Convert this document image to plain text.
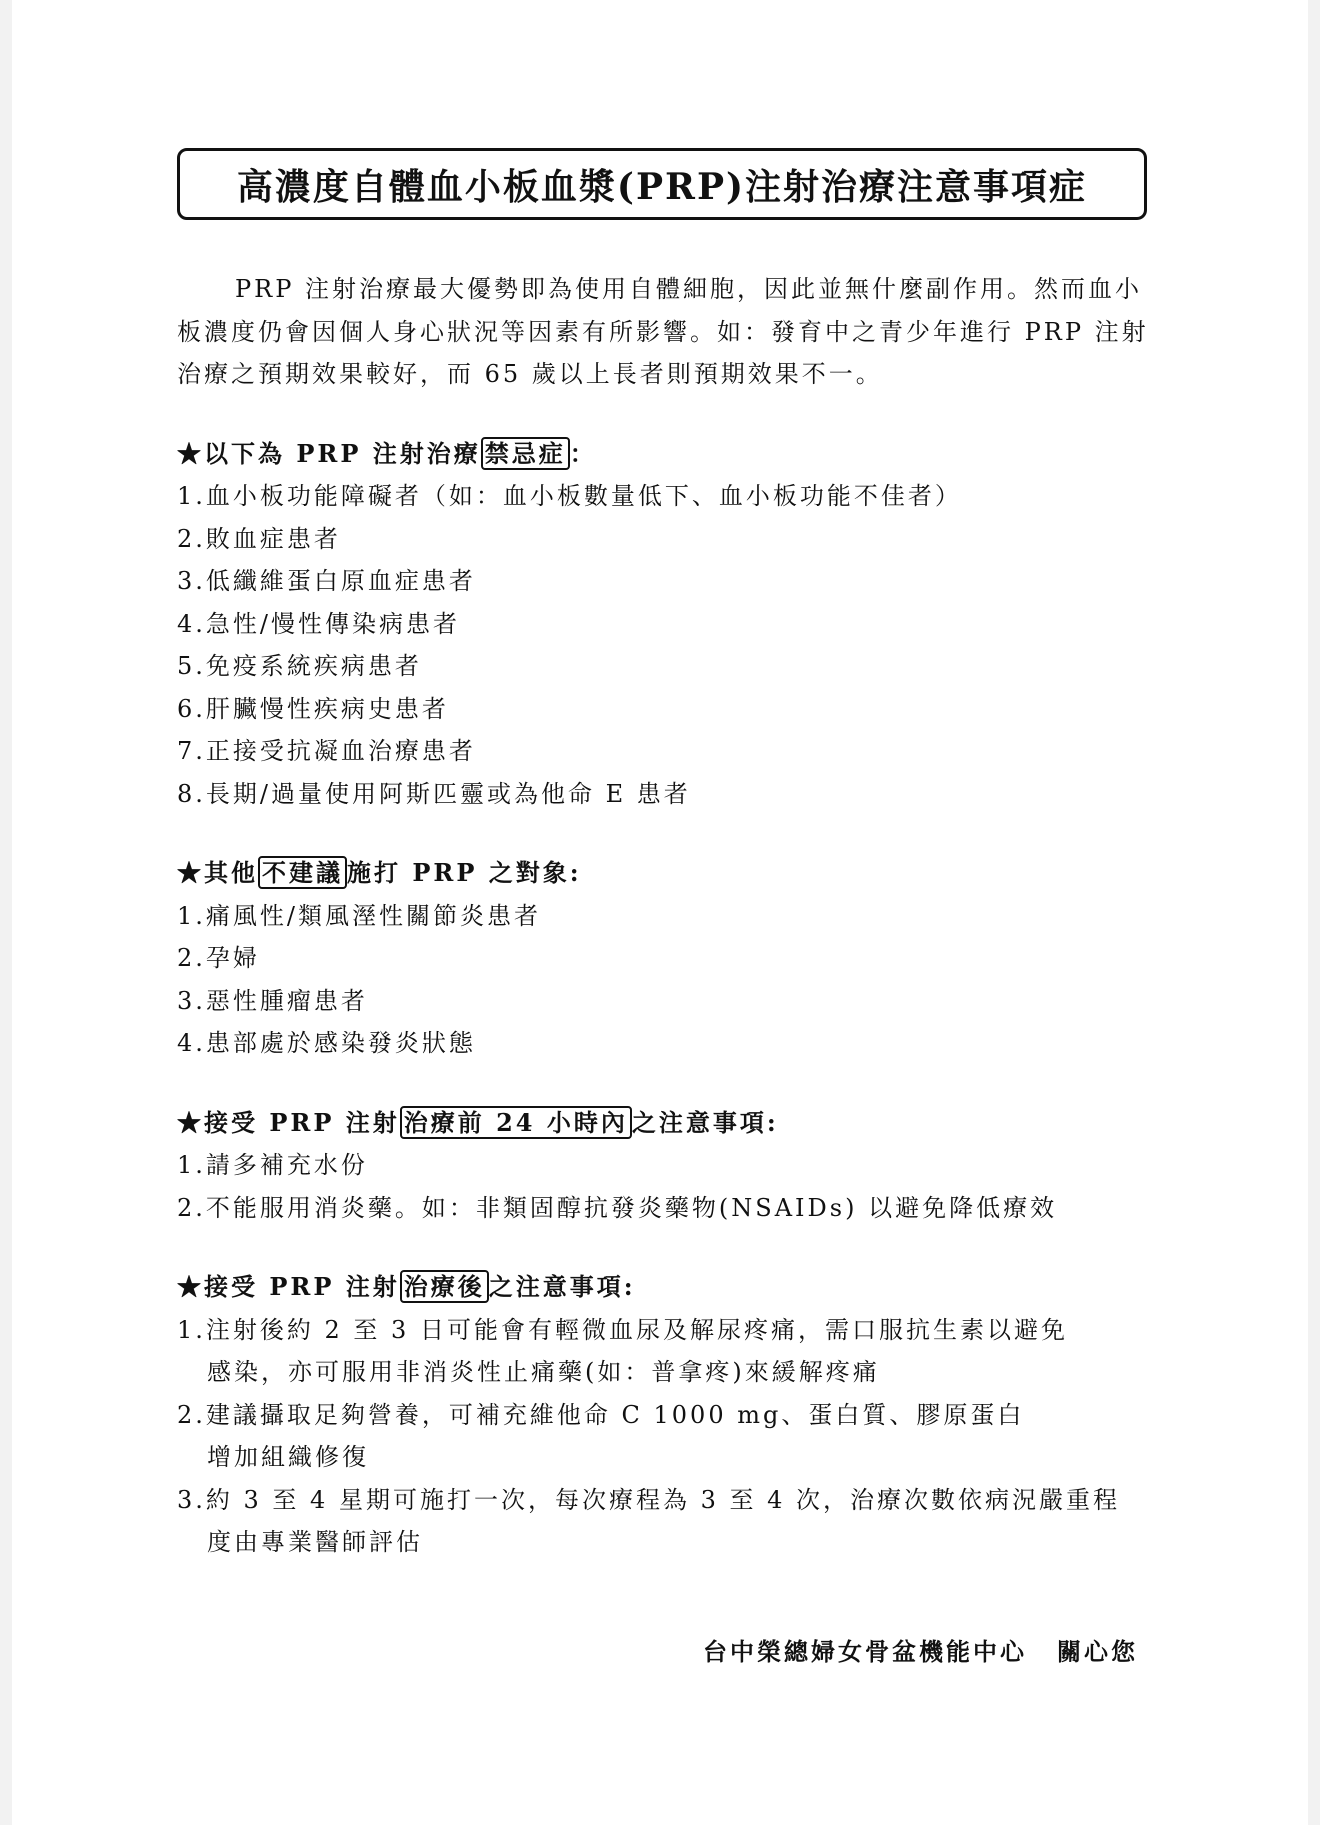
高濃度自體血小板血漿(PRP)注射治療注意事項症

PRP 注射治療最大優勢即為使用自體細胞，因此並無什麼副作用。然而血小板濃度仍會因個人身心狀況等因素有所影響。如：發育中之青少年進行 PRP 注射治療之預期效果較好，而 65 歲以上長者則預期效果不一。

★以下為 PRP 注射治療 禁忌症 ：
1.血小板功能障礙者（如：血小板數量低下、血小板功能不佳者）
2.敗血症患者
3.低纖維蛋白原血症患者
4.急性/慢性傳染病患者
5.免疫系統疾病患者
6.肝臟慢性疾病史患者
7.正接受抗凝血治療患者
8.長期/過量使用阿斯匹靈或為他命 E 患者
★其他 不建議 施打 PRP 之對象:
1.痛風性/類風溼性關節炎患者
2.孕婦
3.惡性腫瘤患者
4.患部處於感染發炎狀態
★接受 PRP 注射 治療前 24 小時內 之注意事項:
1.請多補充水份
2.不能服用消炎藥。如：非類固醇抗發炎藥物(NSAIDs) 以避免降低療效
★接受 PRP 注射 治療後 之注意事項:
1.注射後約 2 至 3 日可能會有輕微血尿及解尿疼痛，需口服抗生素以避免
感染，亦可服用非消炎性止痛藥(如：普拿疼)來緩解疼痛
2.建議攝取足夠營養，可補充維他命 C 1000 mg、蛋白質、膠原蛋白
增加組織修復
3.約 3 至 4 星期可施打一次，每次療程為 3 至 4 次，治療次數依病況嚴重程
度由專業醫師評估
台中榮總婦女骨盆機能中心 關心您
